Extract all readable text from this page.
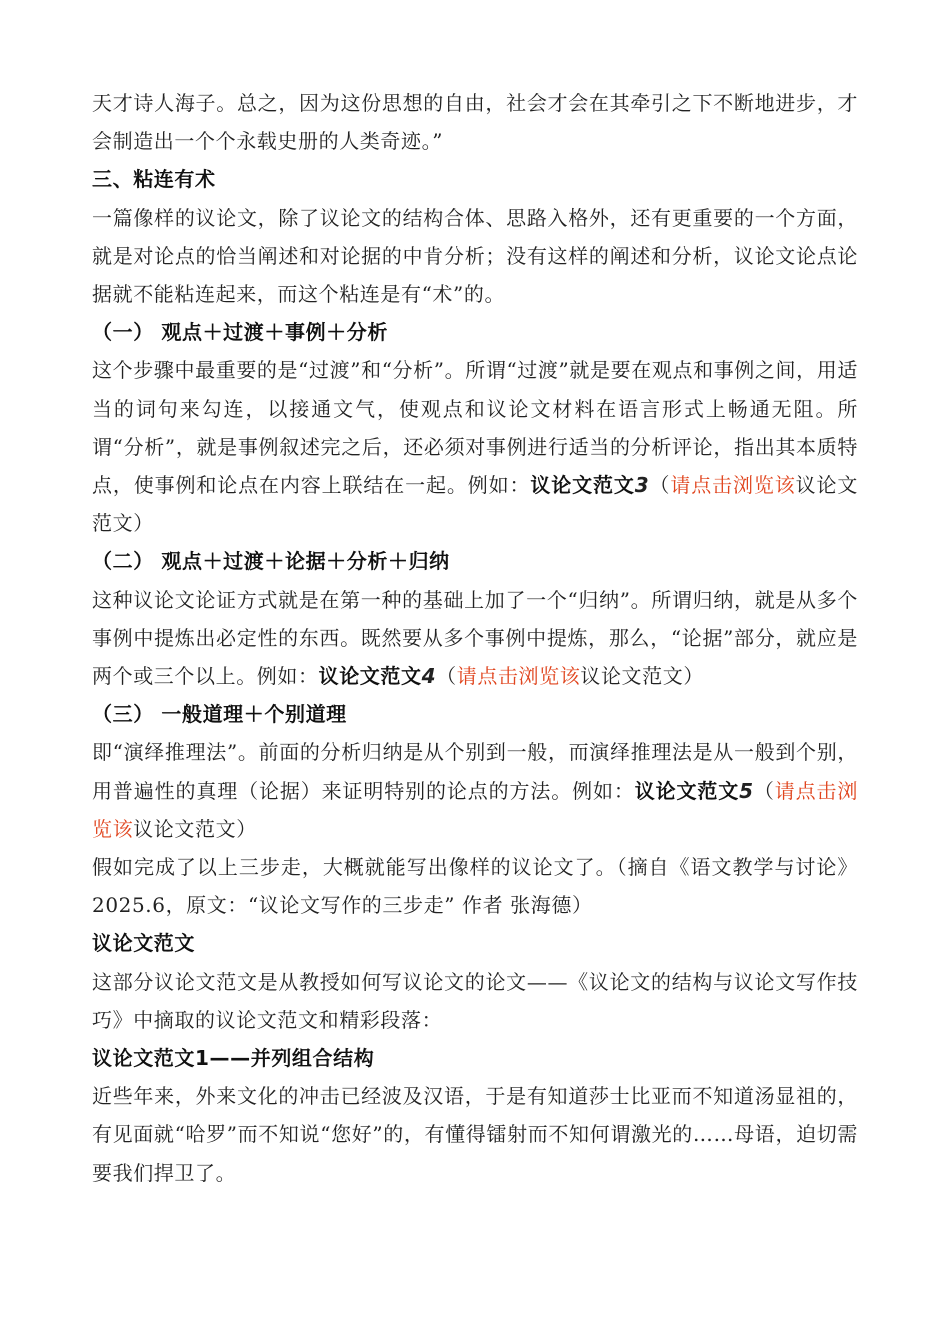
天才诗人海子。总之，因为这份思想的自由，社会才会在其牵引之下不断地进步，才会制造出一个个永载史册的人类奇迹。”

三、粘连有术

一篇像样的议论文，除了议论文的结构合体、思路入格外，还有更重要的一个方面，就是对论点的恰当阐述和对论据的中肯分析；没有这样的阐述和分析，议论文论点论据就不能粘连起来，而这个粘连是有“术”的。

（一） 观点＋过渡＋事例＋分析

这个步骤中最重要的是“过渡”和“分析”。所谓“过渡”就是要在观点和事例之间，用适当的词句来勾连，以接通文气，使观点和议论文材料在语言形式上畅通无阻。所谓“分析”，就是事例叙述完之后，还必须对事例进行适当的分析评论，指出其本质特点，使事例和论点在内容上联结在一起。例如：议论文范文3（请点击浏览该议论文范文）

（二） 观点＋过渡＋论据＋分析＋归纳

这种议论文论证方式就是在第一种的基础上加了一个“归纳”。所谓归纳，就是从多个事例中提炼出必定性的东西。既然要从多个事例中提炼，那么，“论据”部分，就应是两个或三个以上。例如：议论文范文4（请点击浏览该议论文范文）

（三） 一般道理＋个别道理

即“演绎推理法”。前面的分析归纳是从个别到一般，而演绎推理法是从一般到个别，用普遍性的真理（论据）来证明特别的论点的方法。例如：议论文范文5（请点击浏览该议论文范文）

假如完成了以上三步走，大概就能写出像样的议论文了。（摘自《语文教学与讨论》2025.6，原文：“议论文写作的三步走” 作者 张海德）

议论文范文

这部分议论文范文是从教授如何写议论文的论文——《议论文的结构与议论文写作技巧》中摘取的议论文范文和精彩段落：

议论文范文1——并列组合结构

近些年来，外来文化的冲击已经波及汉语，于是有知道莎士比亚而不知道汤显祖的，有见面就“哈罗”而不知说“您好”的，有懂得镭射而不知何谓激光的……母语，迫切需要我们捍卫了。
